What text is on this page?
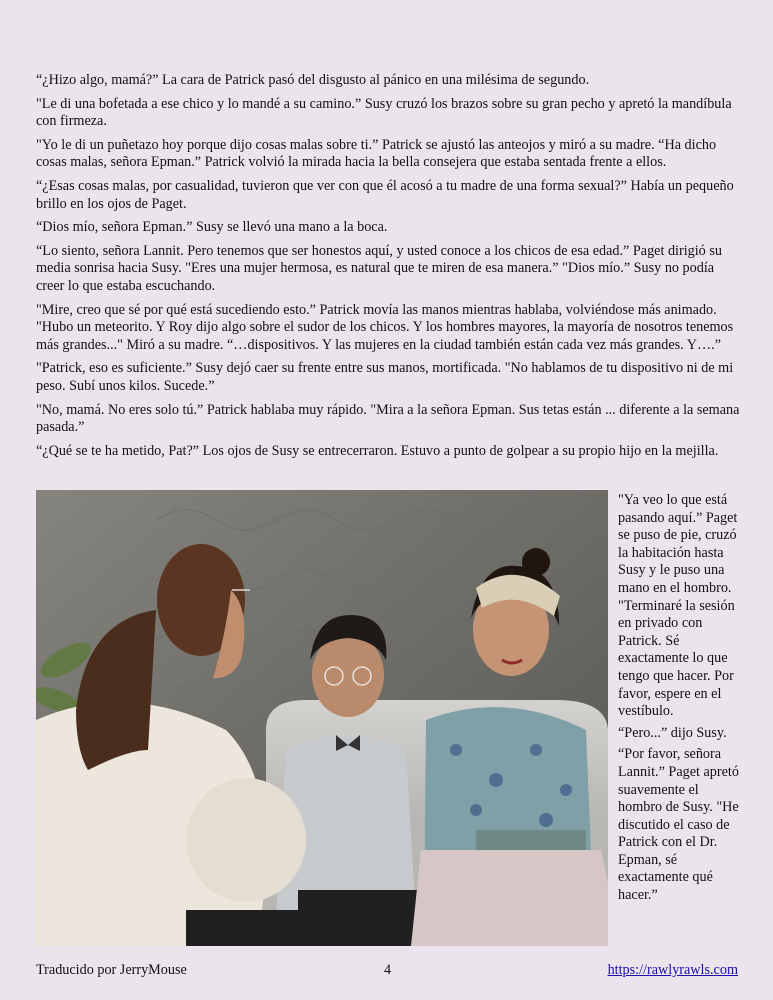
“¿Hizo algo, mamá?” La cara de Patrick pasó del disgusto al pánico en una milésima de segundo.

"Le di una bofetada a ese chico y lo mandé a su camino.” Susy cruzó los brazos sobre su gran pecho y apretó la mandíbula con firmeza.

"Yo le di un puñetazo hoy porque dijo cosas malas sobre ti.” Patrick se ajustó las anteojos y miró a su madre. “Ha dicho cosas malas, señora Epman.” Patrick volvió la mirada hacia la bella consejera que estaba sentada frente a ellos.

“¿Esas cosas malas, por casualidad, tuvieron que ver con que él acosó a tu madre de una forma sexual?” Había un pequeño brillo en los ojos de Paget.

“Dios mío, señora Epman.” Susy se llevó una mano a la boca.

“Lo siento, señora Lannit. Pero tenemos que ser honestos aquí, y usted conoce a los chicos de esa edad.” Paget dirigió su media sonrisa hacia Susy. "Eres una mujer hermosa, es natural que te miren de esa manera.” "Dios mío.” Susy no podía creer lo que estaba escuchando.

"Mire, creo que sé por qué está sucediendo esto.” Patrick movía las manos mientras hablaba, volviéndose más animado. "Hubo un meteorito. Y Roy dijo algo sobre el sudor de los chicos. Y los hombres mayores, la mayoría de nosotros tenemos más grandes..." Miró a su madre. “…dispositivos. Y las mujeres en la ciudad también están cada vez más grandes. Y….”

"Patrick, eso es suficiente.” Susy dejó caer su frente entre sus manos, mortificada. "No hablamos de tu dispositivo ni de mi peso. Subí unos kilos. Sucede.”

"No, mamá. No eres solo tú.” Patrick hablaba muy rápido. "Mira a la señora Epman. Sus tetas están ... diferente a la semana pasada.”

“¿Qué se te ha metido, Pat?” Los ojos de Susy se entrecerraron. Estuvo a punto de golpear a su propio hijo en la mejilla.

"Ya veo lo que está pasando aquí.” Paget se puso de pie, cruzó la habitación hasta Susy y le puso una mano en el hombro. "Terminaré la sesión en privado con Patrick. Sé exactamente lo que tengo que hacer. Por favor, espere en el vestíbulo.

“Pero...” dijo Susy.

“Por favor, señora Lannit.” Paget apretó suavemente el hombro de Susy. "He discutido el caso de Patrick con el Dr. Epman, sé exactamente qué hacer.”

Traducido por JerryMouse	4	https://rawlyrawls.com
